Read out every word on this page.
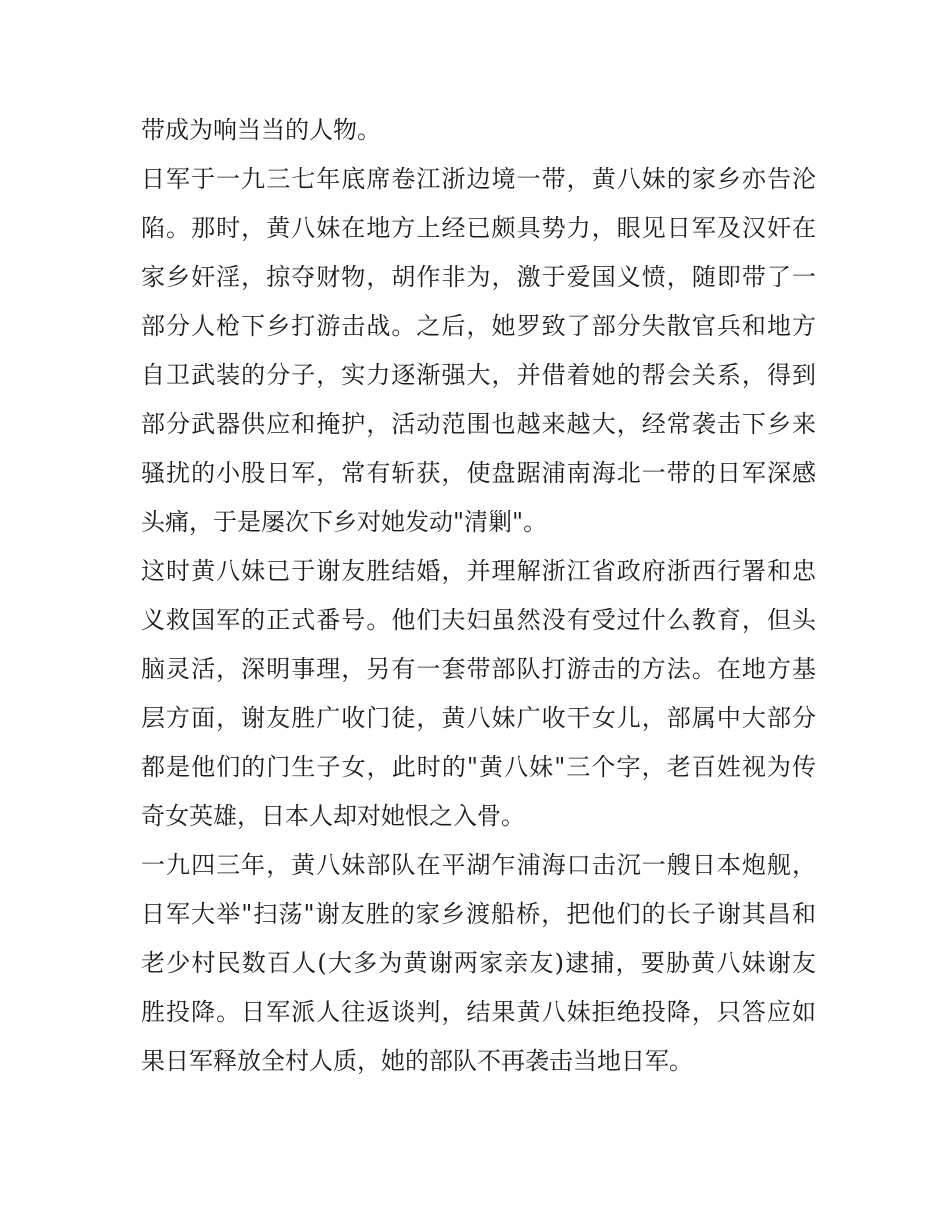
带成为响当当的人物。
日军于一九三七年底席卷江浙边境一带，黄八妹的家乡亦告沦
陷。那时，黄八妹在地方上经已颇具势力，眼见日军及汉奸在
家乡奸淫，掠夺财物，胡作非为，激于爱国义愤，随即带了一
部分人枪下乡打游击战。之后，她罗致了部分失散官兵和地方
自卫武装的分子，实力逐渐强大，并借着她的帮会关系，得到
部分武器供应和掩护，活动范围也越来越大，经常袭击下乡来
骚扰的小股日军，常有斩获，使盘踞浦南海北一带的日军深感
头痛，于是屡次下乡对她发动"清剿"。
这时黄八妹已于谢友胜结婚，并理解浙江省政府浙西行署和忠
义救国军的正式番号。他们夫妇虽然没有受过什么教育，但头
脑灵活，深明事理，另有一套带部队打游击的方法。在地方基
层方面，谢友胜广收门徒，黄八妹广收干女儿，部属中大部分
都是他们的门生子女，此时的"黄八妹"三个字，老百姓视为传
奇女英雄，日本人却对她恨之入骨。
一九四三年，黄八妹部队在平湖乍浦海口击沉一艘日本炮舰，
日军大举"扫荡"谢友胜的家乡渡船桥，把他们的长子谢其昌和
老少村民数百人(大多为黄谢两家亲友)逮捕，要胁黄八妹谢友
胜投降。日军派人往返谈判，结果黄八妹拒绝投降，只答应如
果日军释放全村人质，她的部队不再袭击当地日军。
